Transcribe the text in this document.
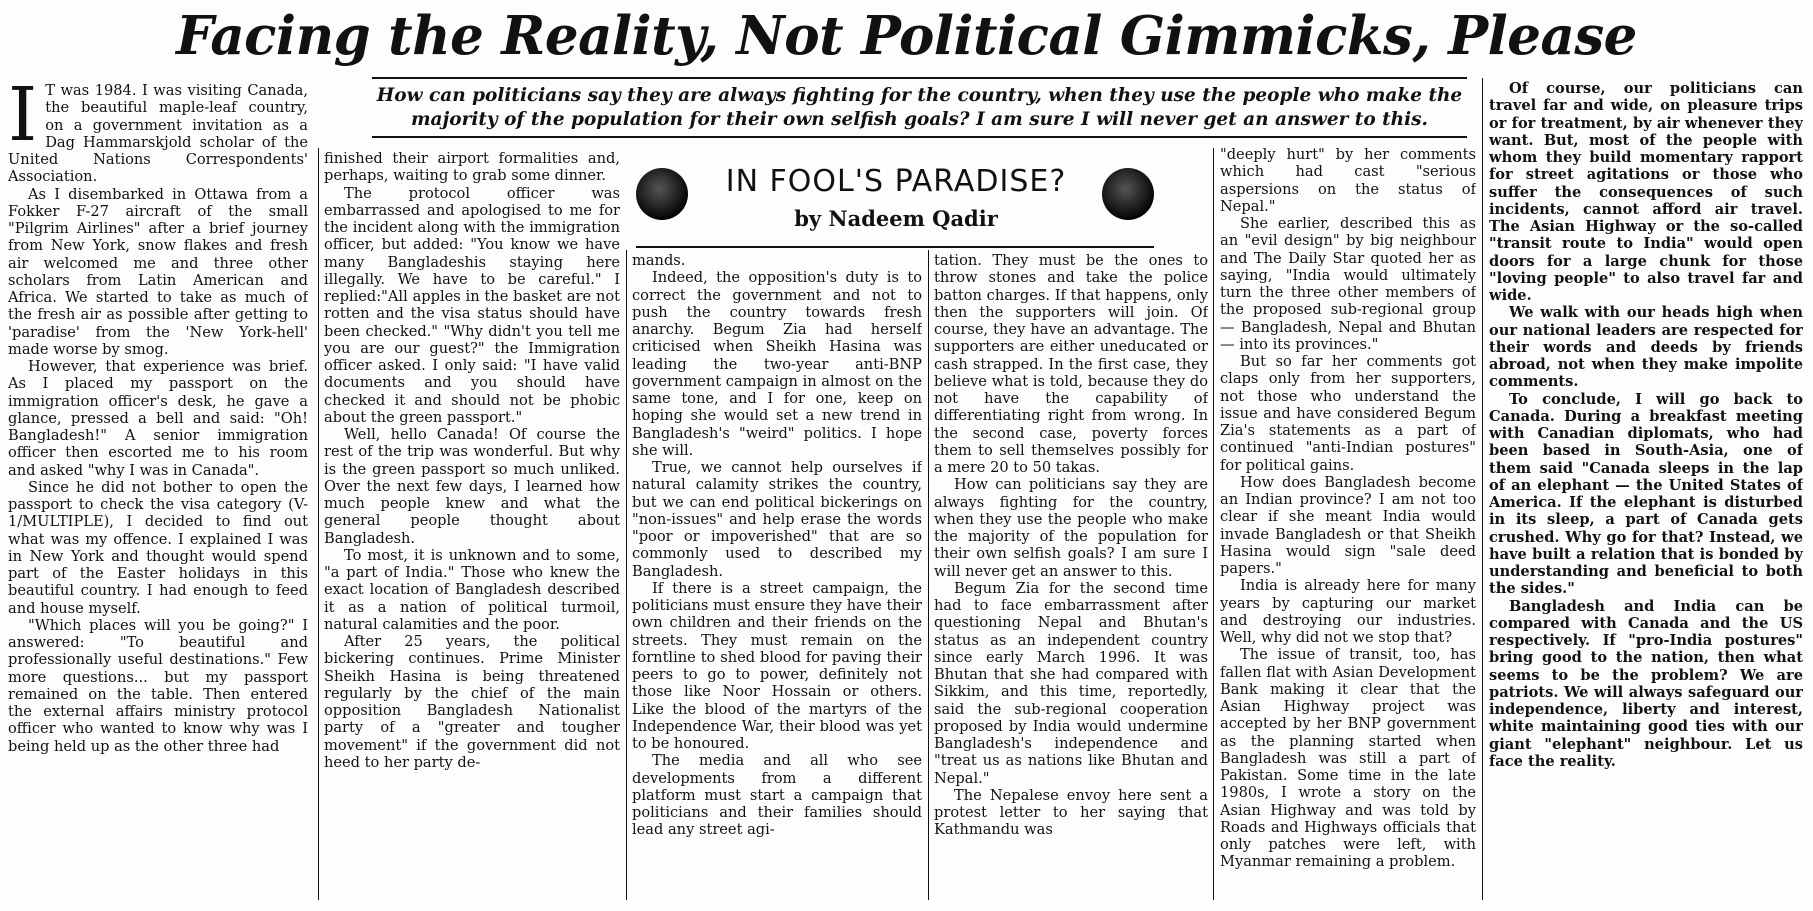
Facing the Reality, Not Political Gimmicks, Please
How can politicians say they are always fighting for the country, when they use the people who make the majority of the population for their own selfish goals? I am sure I will never get an answer to this.
IN FOOL'S PARADISE?
by Nadeem Qadir
I T was 1984. I was visiting Canada, the beautiful maple-leaf country, on a government invitation as a Dag Hammarskjold scholar of the United Nations Correspondents' Association.

As I disembarked in Ottawa from a Fokker F-27 aircraft of the small "Pilgrim Airlines" after a brief journey from New York, snow flakes and fresh air welcomed me and three other scholars from Latin American and Africa. We started to take as much of the fresh air as possible after getting to 'paradise' from the 'New York-hell' made worse by smog.

However, that experience was brief. As I placed my passport on the immigration officer's desk, he gave a glance, pressed a bell and said: "Oh! Bangladesh!" A senior immigration officer then escorted me to his room and asked "why I was in Canada".

Since he did not bother to open the passport to check the visa category (V-1/MULTIPLE), I decided to find out what was my offence. I explained I was in New York and thought would spend part of the Easter holidays in this beautiful country. I had enough to feed and house myself.

"Which places will you be going?" I answered: "To beautiful and professionally useful destinations." Few more questions... but my passport remained on the table. Then entered the external affairs ministry protocol officer who wanted to know why was I being held up as the other three had

finished their airport formalities and, perhaps, waiting to grab some dinner.

The protocol officer was embarrassed and apologised to me for the incident along with the immigration officer, but added: "You know we have many Bangladeshis staying here illegally. We have to be careful." I replied:"All apples in the basket are not rotten and the visa status should have been checked." "Why didn't you tell me you are our guest?" the Immigration officer asked. I only said: "I have valid documents and you should have checked it and should not be phobic about the green passport."

Well, hello Canada! Of course the rest of the trip was wonderful. But why is the green passport so much unliked. Over the next few days, I learned how much people knew and what the general people thought about Bangladesh.

To most, it is unknown and to some, "a part of India." Those who knew the exact location of Bangladesh described it as a nation of political turmoil, natural calamities and the poor.

After 25 years, the political bickering continues. Prime Minister Sheikh Hasina is being threatened regularly by the chief of the main opposition Bangladesh Nationalist party of a "greater and tougher movement" if the government did not heed to her party de-

mands.

Indeed, the opposition's duty is to correct the government and not to push the country towards fresh anarchy. Begum Zia had herself criticised when Sheikh Hasina was leading the two-year anti-BNP government campaign in almost on the same tone, and I for one, keep on hoping she would set a new trend in Bangladesh's "weird" politics. I hope she will.

True, we cannot help ourselves if natural calamity strikes the country, but we can end political bickerings on "non-issues" and help erase the words "poor or impoverished" that are so commonly used to described my Bangladesh.

If there is a street campaign, the politicians must ensure they have their own children and their friends on the streets. They must remain on the forntline to shed blood for paving their peers to go to power, definitely not those like Noor Hossain or others. Like the blood of the martyrs of the Independence War, their blood was yet to be honoured.

The media and all who see developments from a different platform must start a campaign that politicians and their families should lead any street agi-

tation. They must be the ones to throw stones and take the police batton charges. If that happens, only then the supporters will join. Of course, they have an advantage. The supporters are either uneducated or cash strapped. In the first case, they believe what is told, because they do not have the capability of differentiating right from wrong. In the second case, poverty forces them to sell themselves possibly for a mere 20 to 50 takas.

How can politicians say they are always fighting for the country, when they use the people who make the majority of the population for their own selfish goals? I am sure I will never get an answer to this.

Begum Zia for the second time had to face embarrassment after questioning Nepal and Bhutan's status as an independent country since early March 1996. It was Bhutan that she had compared with Sikkim, and this time, reportedly, said the sub-regional cooperation proposed by India would undermine Bangladesh's independence and "treat us as nations like Bhutan and Nepal."

The Nepalese envoy here sent a protest letter to her saying that Kathmandu was

"deeply hurt" by her comments which had cast "serious aspersions on the status of Nepal."

She earlier, described this as an "evil design" by big neighbour and The Daily Star quoted her as saying, "India would ultimately turn the three other members of the proposed sub-regional group — Bangladesh, Nepal and Bhutan — into its provinces."

But so far her comments got claps only from her supporters, not those who understand the issue and have considered Begum Zia's statements as a part of continued "anti-Indian postures" for political gains.

How does Bangladesh become an Indian province? I am not too clear if she meant India would invade Bangladesh or that Sheikh Hasina would sign "sale deed papers."

India is already here for many years by capturing our market and destroying our industries. Well, why did not we stop that?

The issue of transit, too, has fallen flat with Asian Development Bank making it clear that the Asian Highway project was accepted by her BNP government as the planning started when Bangladesh was still a part of Pakistan. Some time in the late 1980s, I wrote a story on the Asian Highway and was told by Roads and Highways officials that only patches were left, with Myanmar remaining a problem.

Of course, our politicians can travel far and wide, on pleasure trips or for treatment, by air whenever they want. But, most of the people with whom they build momentary rapport for street agitations or those who suffer the consequences of such incidents, cannot afford air travel. The Asian Highway or the so-called "transit route to India" would open doors for a large chunk for those "loving people" to also travel far and wide.

We walk with our heads high when our national leaders are respected for their words and deeds by friends abroad, not when they make impolite comments.

To conclude, I will go back to Canada. During a breakfast meeting with Canadian diplomats, who had been based in South-Asia, one of them said "Canada sleeps in the lap of an elephant — the United States of America. If the elephant is disturbed in its sleep, a part of Canada gets crushed. Why go for that? Instead, we have built a relation that is bonded by understanding and beneficial to both the sides."

Bangladesh and India can be compared with Canada and the US respectively. If "pro-India postures" bring good to the nation, then what seems to be the problem? We are patriots. We will always safeguard our independence, liberty and interest, white maintaining good ties with our giant "elephant" neighbour. Let us face the reality.
